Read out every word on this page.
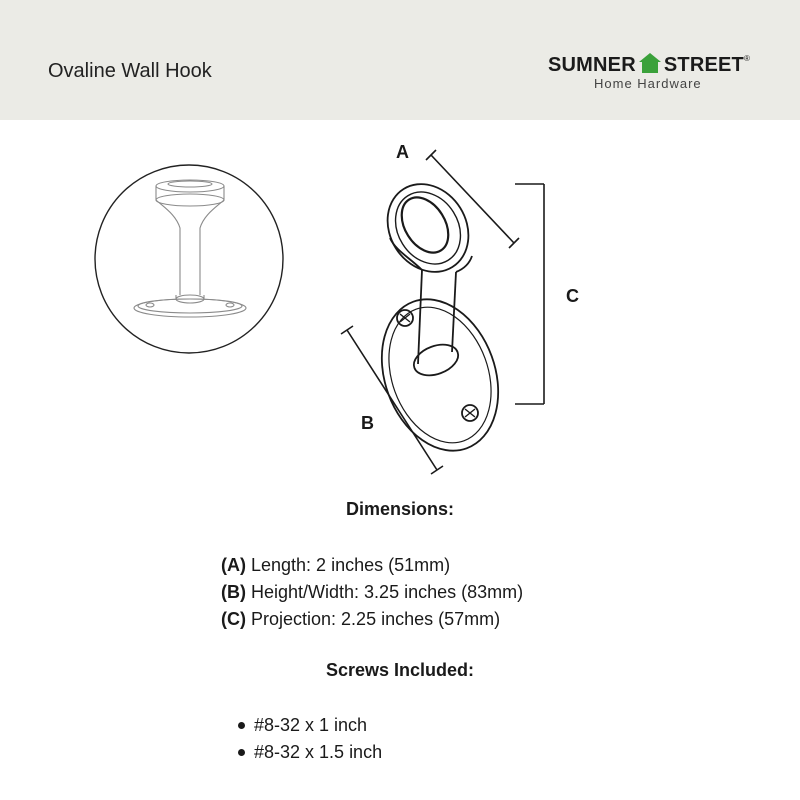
Ovaline Wall Hook	SUMNER STREET®
Home Hardware
A
C
B
Dimensions:
(A) Length: 2 inches (51mm)
(B) Height/Width: 3.25 inches (83mm)
(C) Projection: 2.25 inches (57mm)
Screws Included:
#8-32 x 1 inch
#8-32 x 1.5 inch
